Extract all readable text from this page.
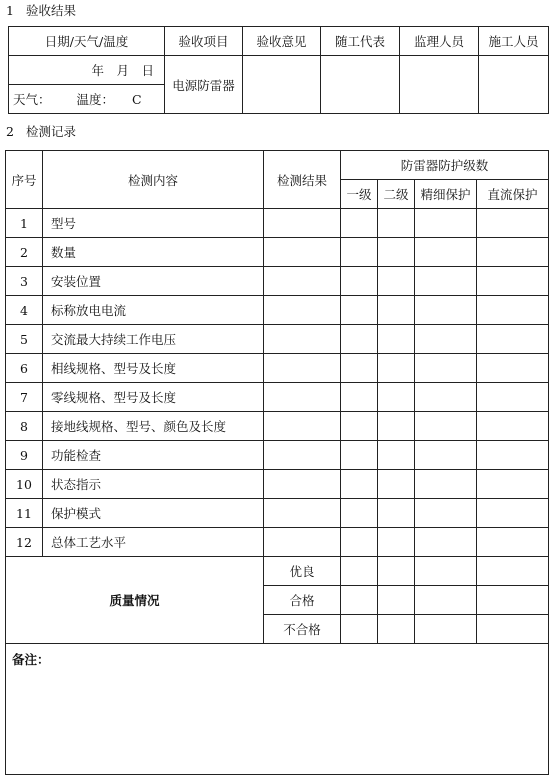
1 验收结果
日期/天气/温度	验收项目	验收意见	随工代表	监理人员	施工人员
年　月　日	电源防雷器				
天气： 温度： C					
2 检测记录
序号	检测内容	检测结果	防雷器防护级数			
			一级	二级	精细保护	直流保护
1	型号					
2	数量					
3	安装位置					
4	标称放电电流					
5	交流最大持续工作电压					
6	相线规格、型号及长度					
7	零线规格、型号及长度					
8	接地线规格、型号、颜色及长度					
9	功能检查					
10	状态指示					
11	保护模式					
12	总体工艺水平					
质量情况		优良				
		合格				
		不合格				
备注：						
